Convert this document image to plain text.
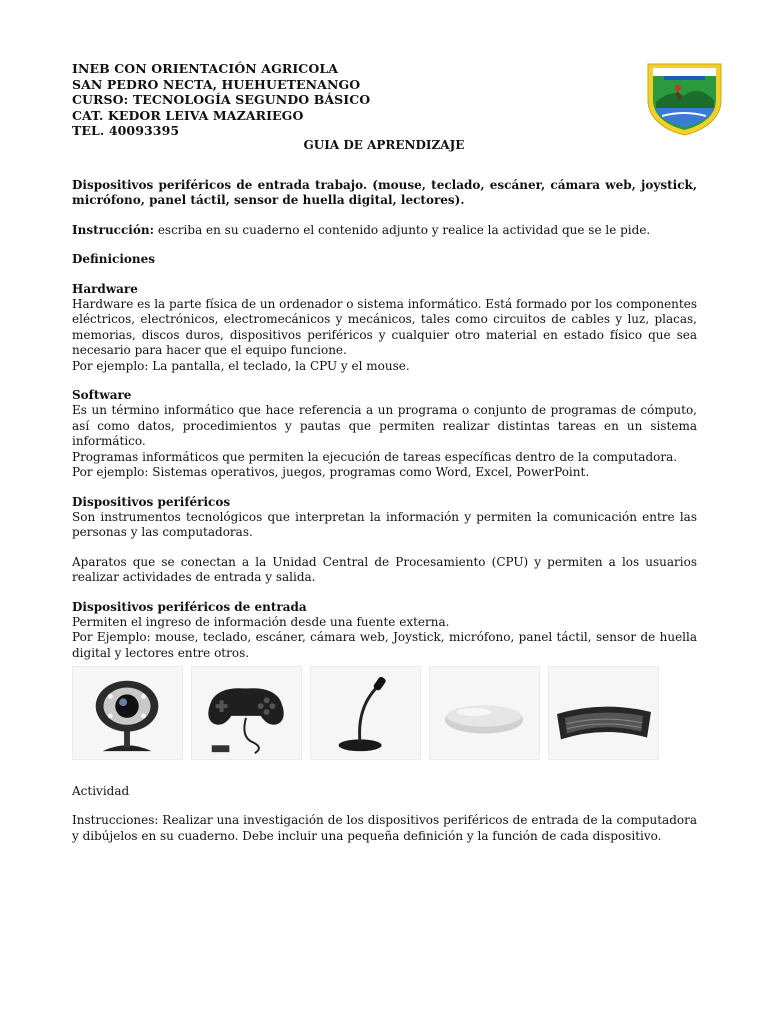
INEB CON ORIENTACIÓN AGRICOLA
SAN PEDRO NECTA, HUEHUETENANGO
CURSO: TECNOLOGÍA SEGUNDO BÁSICO
CAT. KEDOR LEIVA MAZARIEGO
TEL. 40093395
GUIA DE APRENDIZAJE

Dispositivos periféricos de entrada trabajo. (mouse, teclado, escáner, cámara web, joystick, micrófono, panel táctil, sensor de huella digital, lectores).

Instrucción: escriba en su cuaderno el contenido adjunto y realice la actividad que se le pide.

Definiciones

Hardware

Hardware es la parte física de un ordenador o sistema informático. Está formado por los componentes eléctricos, electrónicos, electromecánicos y mecánicos, tales como circuitos de cables y luz, placas, memorias, discos duros, dispositivos periféricos y cualquier otro material en estado físico que sea necesario para hacer que el equipo funcione.

Por ejemplo: La pantalla, el teclado, la CPU y el mouse.

Software

Es un término informático que hace referencia a un programa o conjunto de programas de cómputo, así como datos, procedimientos y pautas que permiten realizar distintas tareas en un sistema informático.

Programas informáticos que permiten la ejecución de tareas específicas dentro de la computadora.

Por ejemplo: Sistemas operativos, juegos, programas como Word, Excel, PowerPoint.

Dispositivos periféricos

Son instrumentos tecnológicos que interpretan la información y permiten la comunicación entre las personas y las computadoras.

Aparatos que se conectan a la Unidad Central de Procesamiento (CPU) y permiten a los usuarios realizar actividades de entrada y salida.

Dispositivos periféricos de entrada

Permiten el ingreso de información desde una fuente externa.

Por Ejemplo: mouse, teclado, escáner, cámara web, Joystick, micrófono, panel táctil, sensor de huella digital y lectores entre otros.

Actividad

Instrucciones: Realizar una investigación de los dispositivos periféricos de entrada de la computadora y dibújelos en su cuaderno. Debe incluir una pequeña definición y la función de cada dispositivo.
